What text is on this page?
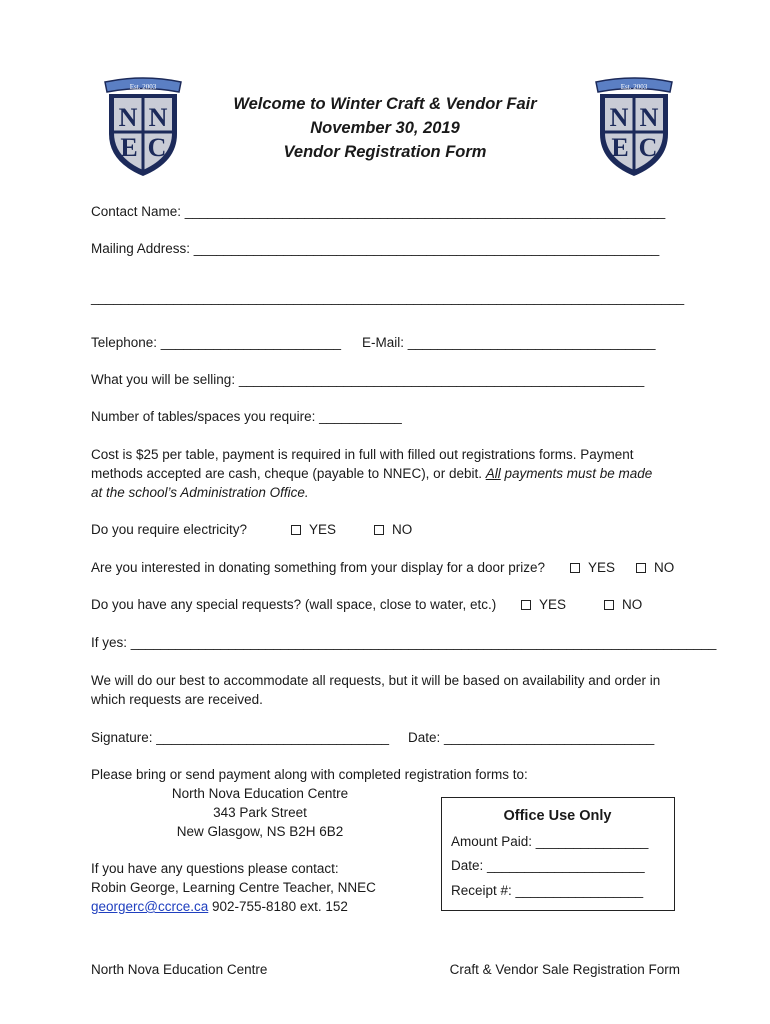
Est. 2003
N N
E C
Est. 2003
N N
E C
Welcome to Winter Craft & Vendor Fair
November 30, 2019
Vendor Registration Form
Contact Name: ________________________________________________________________
Mailing Address: ______________________________________________________________
_______________________________________________________________________________
Telephone: ________________________ E-Mail: _________________________________
What you will be selling: ______________________________________________________
Number of tables/spaces you require: ___________
Cost is $25 per table, payment is required in full with filled out registrations forms. Payment
methods accepted are cash, cheque (payable to NNEC), or debit. All payments must be made
at the school’s Administration Office.
Do you require electricity?	YES	NO
Are you interested in donating something from your display for a door prize?	YES	NO
Do you have any special requests? (wall space, close to water, etc.)	YES	NO
If yes: ______________________________________________________________________________
We will do our best to accommodate all requests, but it will be based on availability and order in
which requests are received.
Signature: _______________________________ Date: ____________________________
Please bring or send payment along with completed registration forms to:
North Nova Education Centre
343 Park Street
New Glasgow, NS B2H 6B2
If you have any questions please contact:
Robin George, Learning Centre Teacher, NNEC
georgerc@ccrce.ca 902-755-8180 ext. 152
Office Use Only
Amount Paid: _______________
Date: _____________________
Receipt #: _________________
North Nova Education Centre	Craft & Vendor Sale Registration Form
